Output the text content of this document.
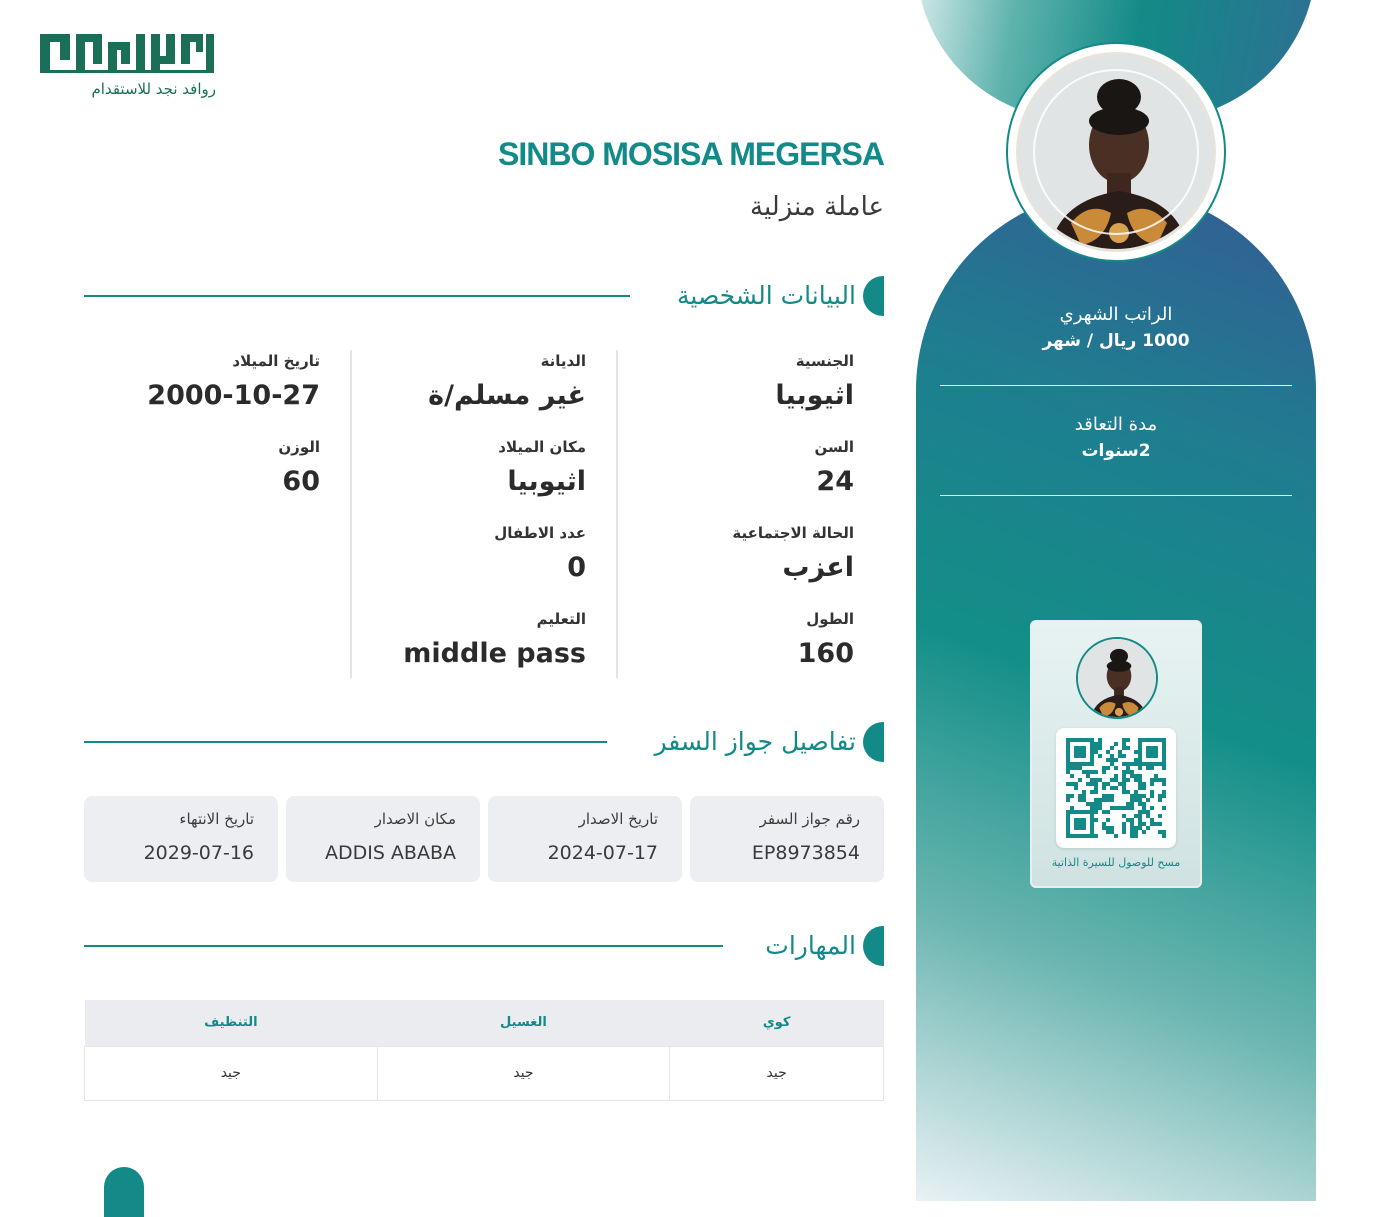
روافد نجد للاستقدام
SINBO MOSISA MEGERSA
عاملة منزلية
البيانات الشخصية
الجنسية
اثيوبيا
السن
24
الحالة الاجتماعية
اعزب
الطول
160
الديانة
غير مسلم/ة
مكان الميلاد
اثيوبيا
عدد الاطفال
0
التعليم
middle pass
تاريخ الميلاد
2000-10-27
الوزن
60
تفاصيل جواز السفر
رقم جواز السفر
EP8973854
تاريخ الاصدار
2024-07-17
مكان الاصدار
ADDIS ABABA
تاريخ الانتهاء
2029-07-16
المهارات
كوي	الغسيل	التنظيف
جيد	جيد	جيد
الراتب الشهري
1000 ريال / شهر
مدة التعاقد
2سنوات
مسح للوصول للسيرة الذاتية
